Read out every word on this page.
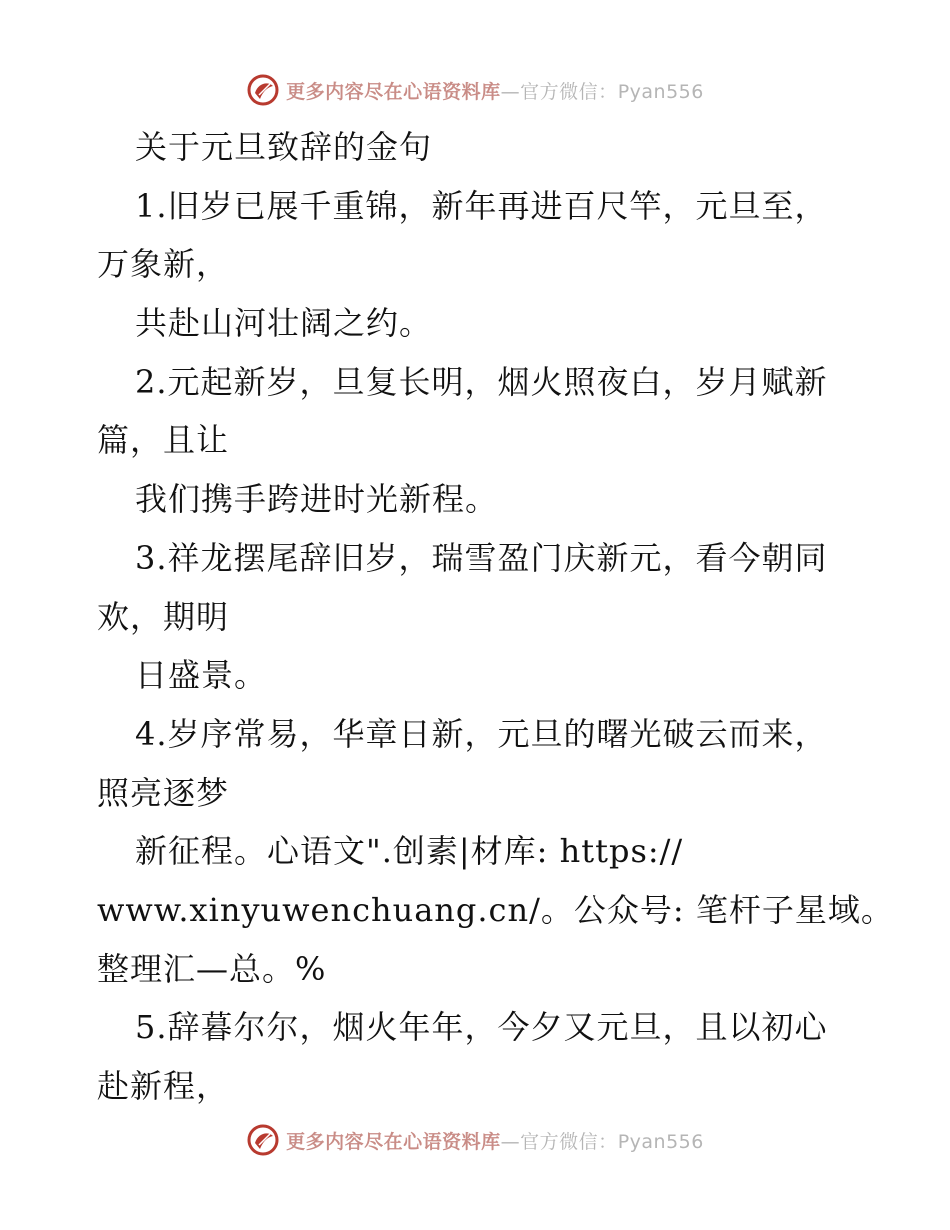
更多内容尽在心语资料库—官方微信：Pyan556
关于元旦致辞的金句
1.旧岁已展千重锦，新年再进百尺竿，元旦至，
万象新，
共赴山河壮阔之约。
2.元起新岁，旦复长明，烟火照夜白，岁月赋新
篇，且让
我们携手跨进时光新程。
3.祥龙摆尾辞旧岁，瑞雪盈门庆新元，看今朝同
欢，期明
日盛景。
4.岁序常易，华章日新，元旦的曙光破云而来，
照亮逐梦
新征程。心语文".创素|材库: https://
www.xinyuwenchuang.cn/。公众号: 笔杆子星域。
整理汇—总。%
5.辞暮尔尔，烟火年年，今夕又元旦，且以初心
赴新程，
更多内容尽在心语资料库—官方微信：Pyan556
